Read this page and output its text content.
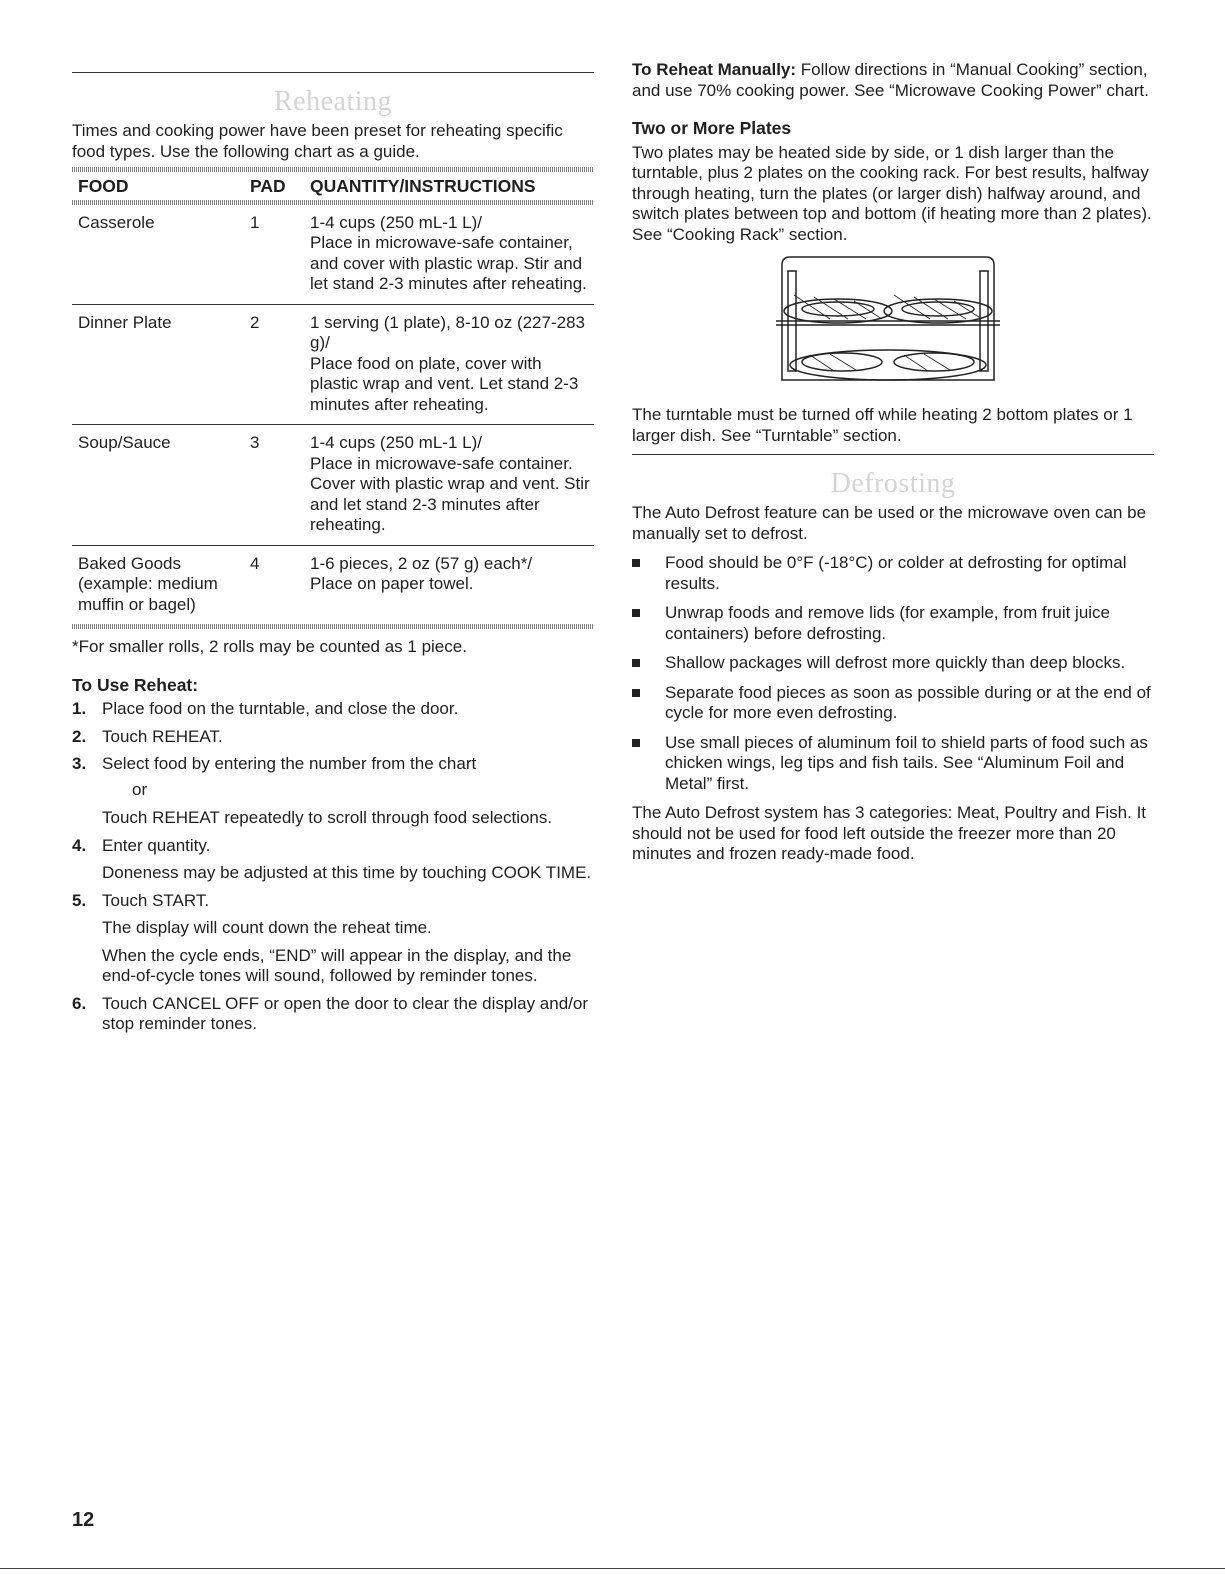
Reheating

Times and cooking power have been preset for reheating specific food types. Use the following chart as a guide.

FOOD	PAD	QUANTITY/INSTRUCTIONS

Casserole	1	1-4 cups (250 mL-1 L)/
Place in microwave-safe container, and cover with plastic wrap. Stir and let stand 2-3 minutes after reheating.

Dinner Plate	2	1 serving (1 plate), 8-10 oz (227-283 g)/
Place food on plate, cover with plastic wrap and vent. Let stand 2-3 minutes after reheating.

Soup/Sauce	3	1-4 cups (250 mL-1 L)/
Place in microwave-safe container. Cover with plastic wrap and vent. Stir and let stand 2-3 minutes after reheating.

Baked Goods (example: medium muffin or bagel)	4	1-6 pieces, 2 oz (57 g) each*/
Place on paper towel.

*For smaller rolls, 2 rolls may be counted as 1 piece.

To Use Reheat:
1. Place food on the turntable, and close the door.
2. Touch REHEAT.
3. Select food by entering the number from the chart
or
Touch REHEAT repeatedly to scroll through food selections.
4. Enter quantity.
Doneness may be adjusted at this time by touching COOK TIME.
5. Touch START.
The display will count down the reheat time.
When the cycle ends, “END” will appear in the display, and the end-of-cycle tones will sound, followed by reminder tones.
6. Touch CANCEL OFF or open the door to clear the display and/or stop reminder tones.

To Reheat Manually: Follow directions in “Manual Cooking” section, and use 70% cooking power. See “Microwave Cooking Power” chart.

Two or More Plates

Two plates may be heated side by side, or 1 dish larger than the turntable, plus 2 plates on the cooking rack. For best results, halfway through heating, turn the plates (or larger dish) halfway around, and switch plates between top and bottom (if heating more than 2 plates). See “Cooking Rack” section.

The turntable must be turned off while heating 2 bottom plates or 1 larger dish. See “Turntable” section.

Defrosting

The Auto Defrost feature can be used or the microwave oven can be manually set to defrost.

Food should be 0°F (-18°C) or colder at defrosting for optimal results.
Unwrap foods and remove lids (for example, from fruit juice containers) before defrosting.
Shallow packages will defrost more quickly than deep blocks.
Separate food pieces as soon as possible during or at the end of cycle for more even defrosting.
Use small pieces of aluminum foil to shield parts of food such as chicken wings, leg tips and fish tails. See “Aluminum Foil and Metal” first.

The Auto Defrost system has 3 categories: Meat, Poultry and Fish. It should not be used for food left outside the freezer more than 20 minutes and frozen ready-made food.

12
